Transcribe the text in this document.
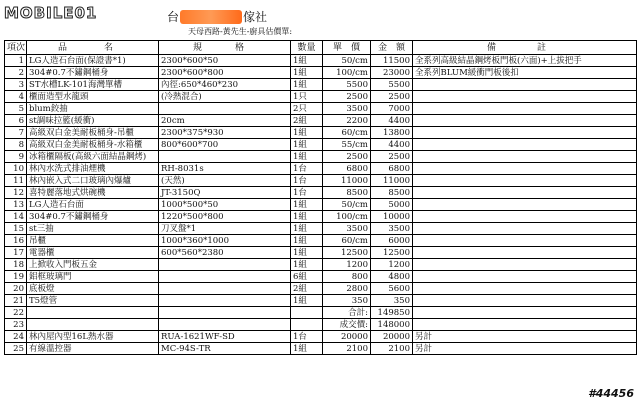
MOBILE01	台	傢社
天母西路-黃先生-廚具估價單:
項次	品　名	規　格	數量	單　價	金　額	備　註
1	LG人造石台面(保證書*1)	2300*600*50	1組	50/cm	11500	全系列高級結晶鋼烤板門板(六面)+上拔把手
2	304#0.7不鏽鋼桶身	2300*600*800	1組	100/cm	23000	全系列BLUM緩衝門板後扣
3	ST水槽LK-101海灣單槽	內徑:650*460*230	1組	5500	5500	
4	櫃面造型水龍頭	(冷熱混合)	1只	2500	2500	
5	blum鉸抽		2只	3500	7000	
6	st調味拉籃(緩衝)	20cm	2組	2200	4400	
7	高級双白金美耐板桶身-吊櫃	2300*375*930	1組	60/cm	13800	
8	高級双白金美耐板桶身-水箱櫃	800*600*700	1組	55/cm	4400	
9	冰箱櫃隔板(高級六面結晶鋼烤)		1組	2500	2500	
10	林內水洗式排油煙機	RH-8031s	1台	6800	6800	
11	林內嵌入式二口玻璃內爆爐	(天然)	1台	11000	11000	
12	喜特麗落地式烘碗機	JT-3150Q	1台	8500	8500	
13	LG人造石台面	1000*500*50	1組	50/cm	5000	
14	304#0.7不鏽鋼桶身	1220*500*800	1組	100/cm	10000	
15	st三抽	刀叉盤*1	1組	3500	3500	
16	吊櫃	1000*360*1000	1組	60/cm	6000	
17	電器櫃	600*560*2380	1組	12500	12500	
18	上掀收入門板五金		1組	1200	1200	
19	鋁框玻璃門		6組	800	4800	
20	底板燈		2組	2800	5600	
21	T5燈管		1組	350	350	
22				合計:	149850	
23				成交價:	148000	
24	林內屋內型16L熱水器	RUA-1621WF-SD	1台	20000	20000	另計
25	有線溫控器	MC-94S-TR	1組	2100	2100	另計
#44456
